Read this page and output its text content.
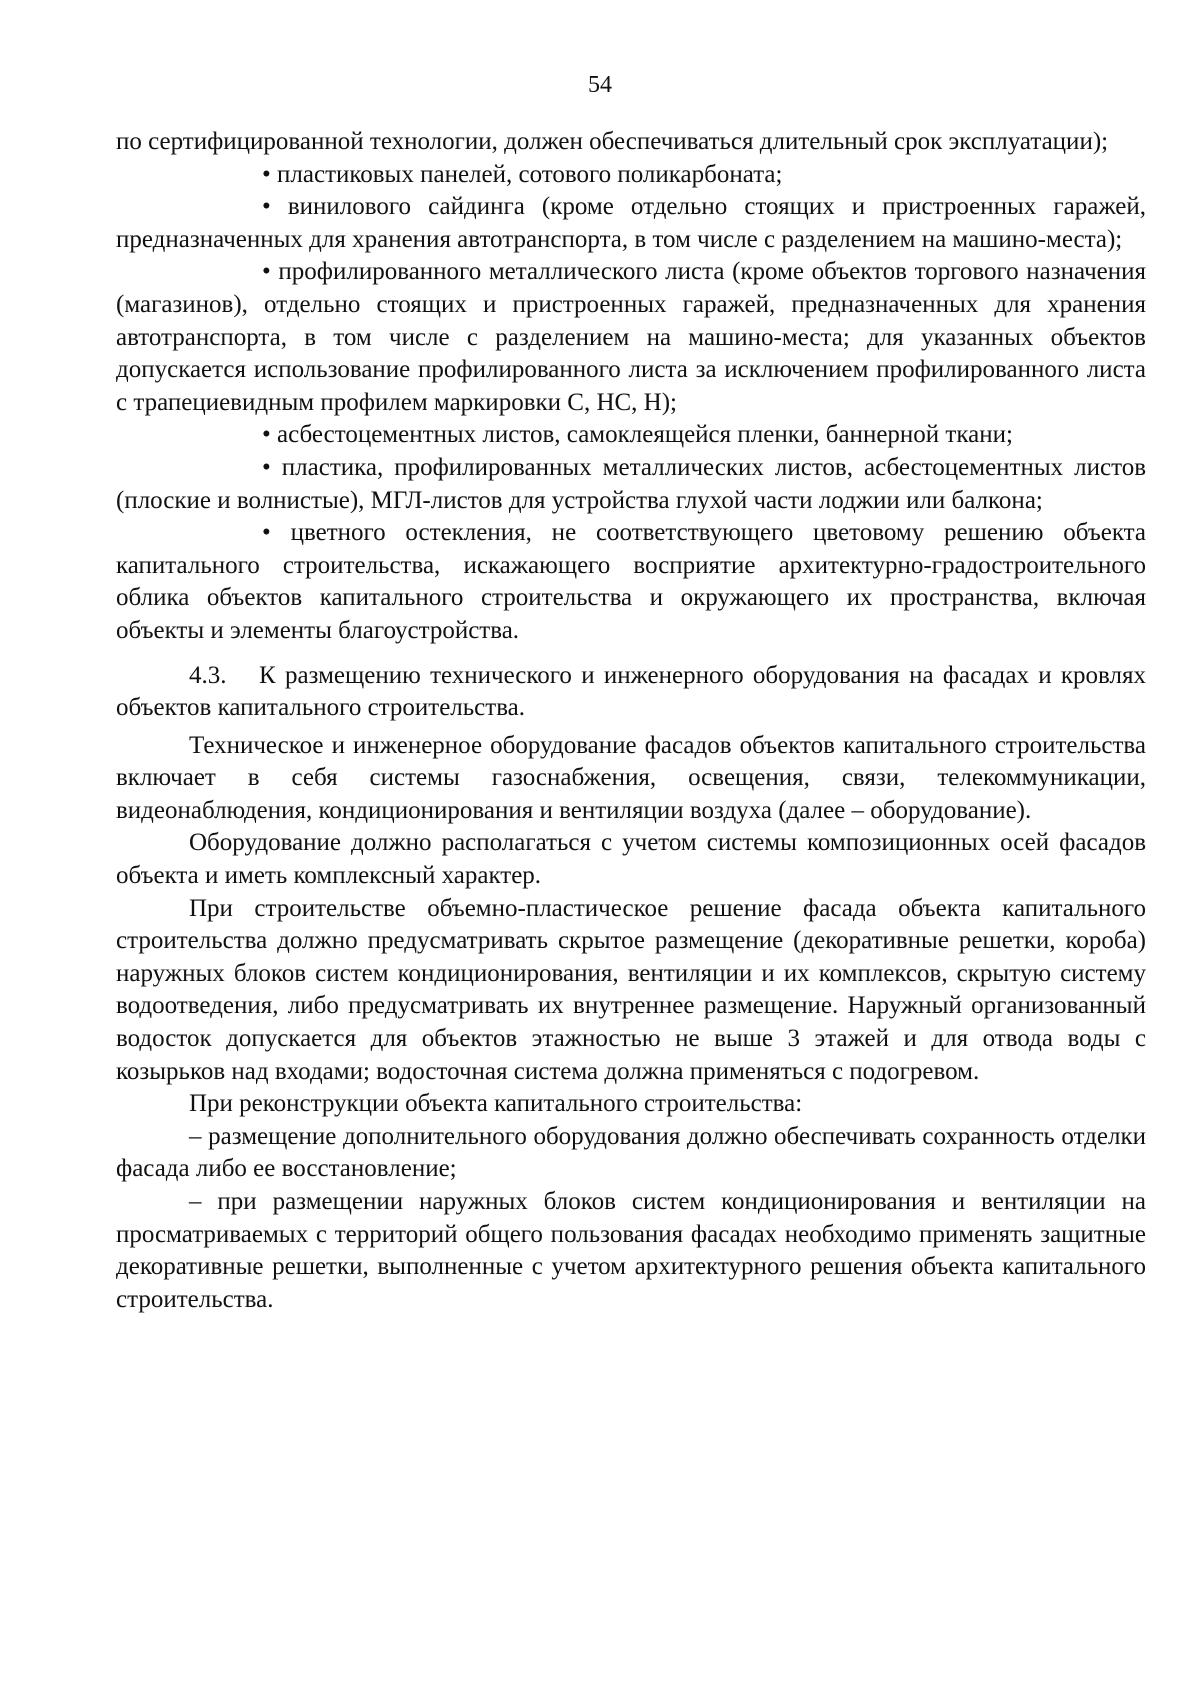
54

по сертифицированной технологии, должен обеспечиваться длительный срок эксплуатации);

• пластиковых панелей, сотового поликарбоната;

• винилового сайдинга (кроме отдельно стоящих и пристроенных гаражей, предназначенных для хранения автотранспорта, в том числе с разделением на машино-места);

• профилированного металлического листа (кроме объектов торгового назначения (магазинов), отдельно стоящих и пристроенных гаражей, предназначенных для хранения автотранспорта, в том числе с разделением на машино-места; для указанных объектов допускается использование профилированного листа за исключением профилированного листа с трапециевидным профилем маркировки С, НС, Н);

• асбестоцементных листов, самоклеящейся пленки, баннерной ткани;

• пластика, профилированных металлических листов, асбестоцементных листов (плоские и волнистые), МГЛ-листов для устройства глухой части лоджии или балкона;

• цветного остекления, не соответствующего цветовому решению объекта капитального строительства, искажающего восприятие архитектурно-градостроительного облика объектов капитального строительства и окружающего их пространства, включая объекты и элементы благоустройства.

4.3. К размещению технического и инженерного оборудования на фасадах и кровлях объектов капитального строительства.

Техническое и инженерное оборудование фасадов объектов капитального строительства включает в себя системы газоснабжения, освещения, связи, телекоммуникации, видеонаблюдения, кондиционирования и вентиляции воздуха (далее – оборудование).

Оборудование должно располагаться с учетом системы композиционных осей фасадов объекта и иметь комплексный характер.

При строительстве объемно-пластическое решение фасада объекта капитального строительства должно предусматривать скрытое размещение (декоративные решетки, короба) наружных блоков систем кондиционирования, вентиляции и их комплексов, скрытую систему водоотведения, либо предусматривать их внутреннее размещение. Наружный организованный водосток допускается для объектов этажностью не выше 3 этажей и для отвода воды с козырьков над входами; водосточная система должна применяться с подогревом.

При реконструкции объекта капитального строительства:

– размещение дополнительного оборудования должно обеспечивать сохранность отделки фасада либо ее восстановление;

– при размещении наружных блоков систем кондиционирования и вентиляции на просматриваемых с территорий общего пользования фасадах необходимо применять защитные декоративные решетки, выполненные с учетом архитектурного решения объекта капитального строительства.
